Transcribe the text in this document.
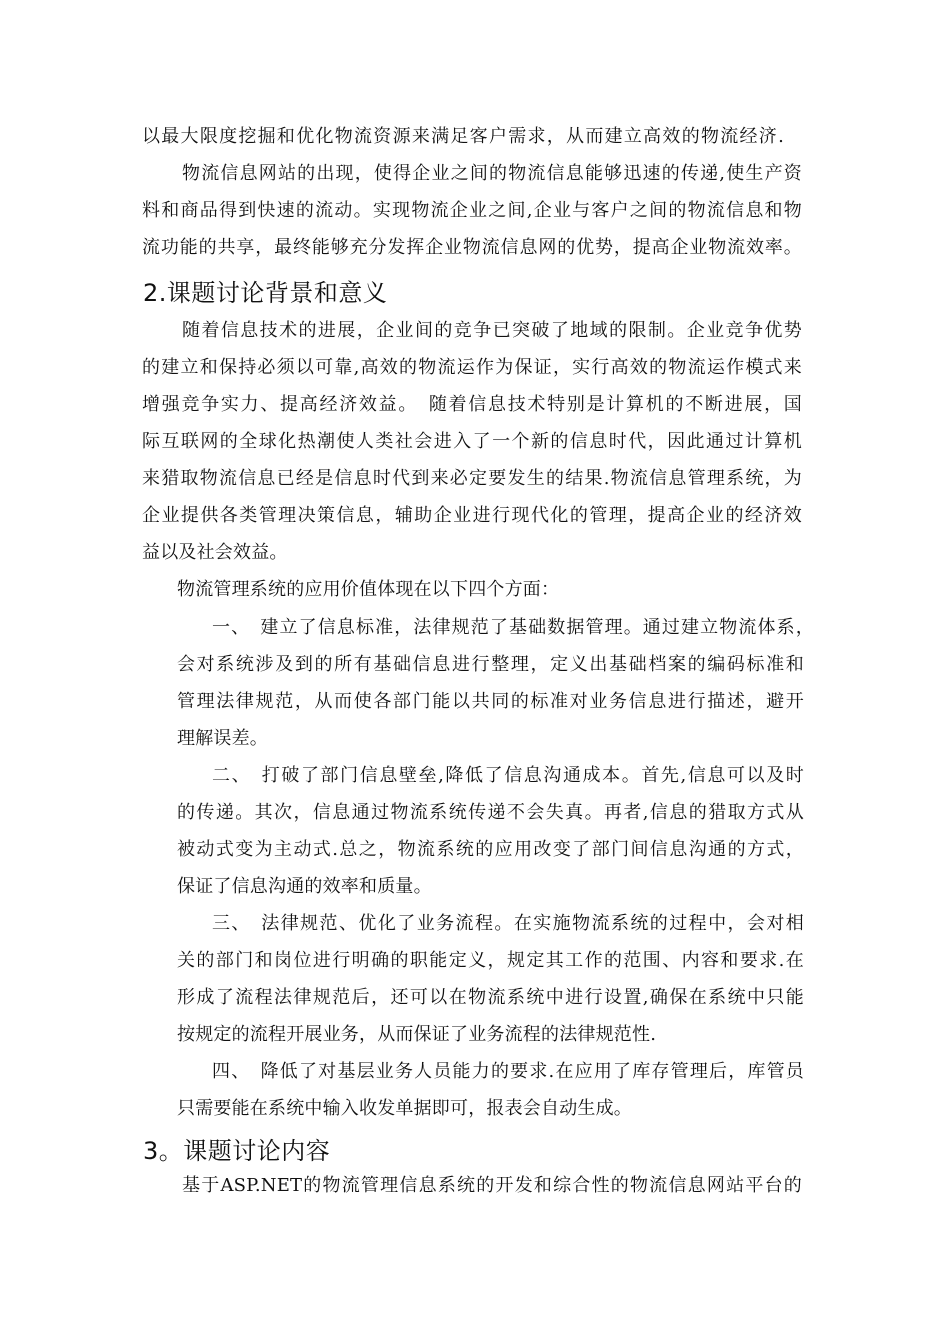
以最大限度挖掘和优化物流资源来满足客户需求，从而建立高效的物流经济.
物流信息网站的出现，使得企业之间的物流信息能够迅速的传递,使生产资
料和商品得到快速的流动。实现物流企业之间,企业与客户之间的物流信息和物
流功能的共享，最终能够充分发挥企业物流信息网的优势，提高企业物流效率。
2.课题讨论背景和意义
随着信息技术的进展，企业间的竞争已突破了地域的限制。企业竞争优势
的建立和保持必须以可靠,高效的物流运作为保证，实行高效的物流运作模式来
增强竞争实力、提高经济效益。　随着信息技术特别是计算机的不断进展，国
际互联网的全球化热潮使人类社会进入了一个新的信息时代，因此通过计算机
来猎取物流信息已经是信息时代到来必定要发生的结果.物流信息管理系统，为
企业提供各类管理决策信息，辅助企业进行现代化的管理，提高企业的经济效
益以及社会效益。
物流管理系统的应用价值体现在以下四个方面：
一、　建立了信息标准，法律规范了基础数据管理。通过建立物流体系，
会对系统涉及到的所有基础信息进行整理，定义出基础档案的编码标准和
管理法律规范，从而使各部门能以共同的标准对业务信息进行描述，避开
理解误差。
二、　打破了部门信息壁垒,降低了信息沟通成本。首先,信息可以及时
的传递。其次，信息通过物流系统传递不会失真。再者,信息的猎取方式从
被动式变为主动式.总之，物流系统的应用改变了部门间信息沟通的方式，
保证了信息沟通的效率和质量。
三、　法律规范、优化了业务流程。在实施物流系统的过程中，会对相
关的部门和岗位进行明确的职能定义，规定其工作的范围、内容和要求.在
形成了流程法律规范后，还可以在物流系统中进行设置,确保在系统中只能
按规定的流程开展业务，从而保证了业务流程的法律规范性.
四、　降低了对基层业务人员能力的要求.在应用了库存管理后，库管员
只需要能在系统中输入收发单据即可，报表会自动生成。
3。课题讨论内容
基于ASP.NET的物流管理信息系统的开发和综合性的物流信息网站平台的
